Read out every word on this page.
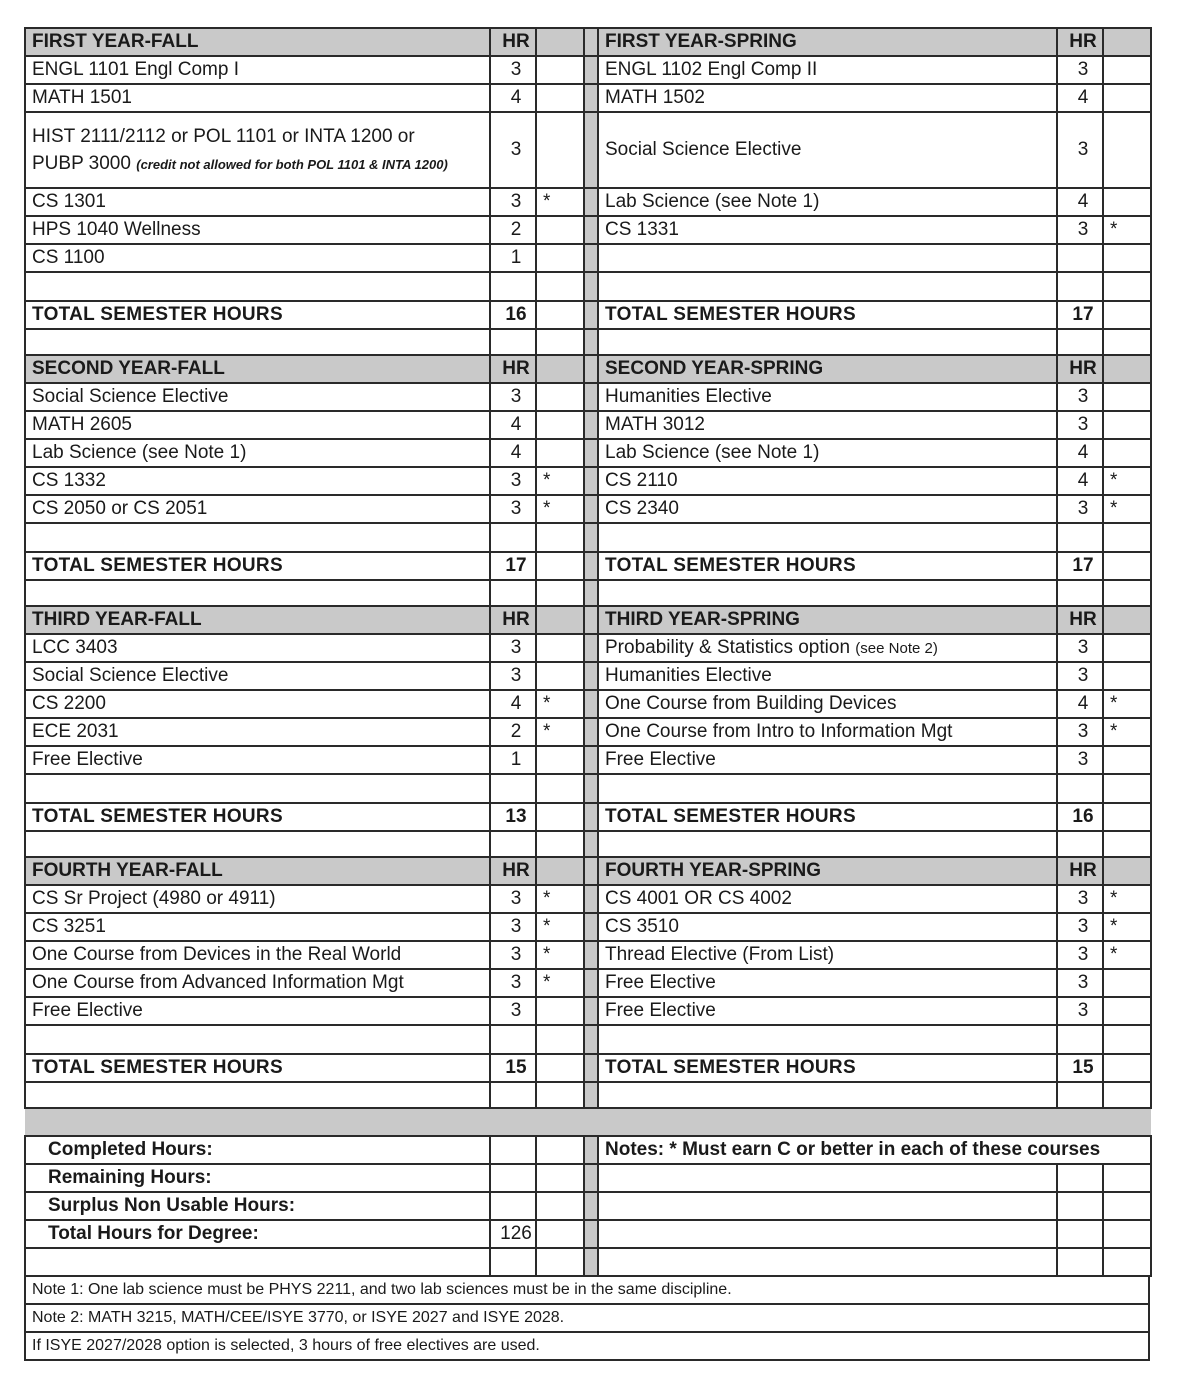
FIRST YEAR-FALL	HR			FIRST YEAR-SPRING	HR	
ENGL 1101 Engl Comp I	3			ENGL 1102 Engl Comp II	3	
MATH 1501	4			MATH 1502	4	
HIST 2111/2112 or POL 1101 or INTA 1200 or
PUBP 3000 (credit not allowed for both POL 1101 & INTA 1200)	3			Social Science Elective	3	
CS 1301	3	*		Lab Science (see Note 1)	4	
HPS 1040 Wellness	2			CS 1331	3	*
CS 1100	1					

TOTAL SEMESTER HOURS	16			TOTAL SEMESTER HOURS	17	

SECOND YEAR-FALL	HR			SECOND YEAR-SPRING	HR	
Social Science Elective	3			Humanities Elective	3	
MATH 2605	4			MATH 3012	3	
Lab Science (see Note 1)	4			Lab Science (see Note 1)	4	
CS 1332	3	*		CS 2110	4	*
CS 2050 or CS 2051	3	*		CS 2340	3	*

TOTAL SEMESTER HOURS	17			TOTAL SEMESTER HOURS	17	

THIRD YEAR-FALL	HR			THIRD YEAR-SPRING	HR	
LCC 3403	3			Probability & Statistics option (see Note 2)	3	
Social Science Elective	3			Humanities Elective	3	
CS 2200	4	*		One Course from Building Devices	4	*
ECE 2031	2	*		One Course from Intro to Information Mgt	3	*
Free Elective	1			Free Elective	3	

TOTAL SEMESTER HOURS	13			TOTAL SEMESTER HOURS	16	

FOURTH YEAR-FALL	HR			FOURTH YEAR-SPRING	HR	
CS Sr Project (4980 or 4911)	3	*		CS 4001 OR CS 4002	3	*
CS 3251	3	*		CS 3510	3	*
One Course from Devices in the Real World	3	*		Thread Elective (From List)	3	*
One Course from Advanced Information Mgt	3	*		Free Elective	3	
Free Elective	3			Free Elective	3	

TOTAL SEMESTER HOURS	15			TOTAL SEMESTER HOURS	15	

Completed Hours:				Notes: * Must earn C or better in each of these courses		
Remaining Hours:						
Surplus Non Usable Hours:						
Total Hours for Degree:	126					

Note 1: One lab science must be PHYS 2211, and two lab sciences must be in the same discipline.
Note 2: MATH 3215, MATH/CEE/ISYE 3770, or ISYE 2027 and ISYE 2028.
If ISYE 2027/2028 option is selected, 3 hours of free electives are used.
